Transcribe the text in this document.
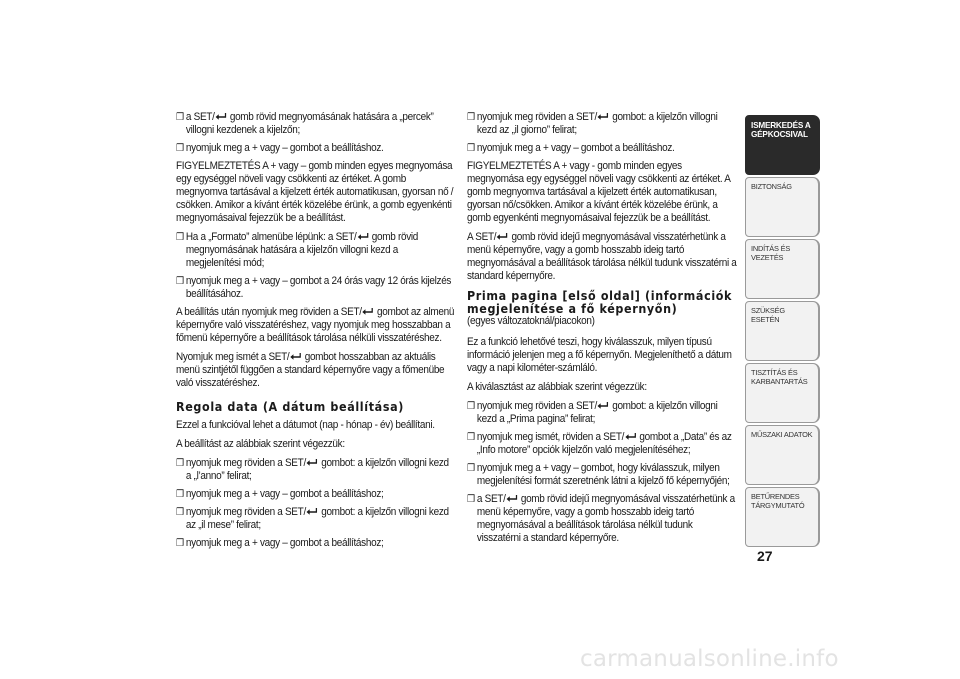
❒ a SET/ gomb rövid megnyomásának hatására a „percek” villogni kezdenek a kijelzőn;
❒ nyomjuk meg a + vagy – gombot a beállításhoz.
FIGYELMEZTETÉS A + vagy – gomb minden egyes megnyomása egy egységgel növeli vagy csökkenti az értéket. A gomb megnyomva tartásával a kijelzett érték automatikusan, gyorsan nő / csökken. Amikor a kívánt érték közelébe érünk, a gomb egyenkénti megnyomásaival fejezzük be a beállítást.
❒ Ha a „Formato” almenübe lépünk: a SET/ gomb rövid megnyomásának hatására a kijelzőn villogni kezd a megjelenítési mód;
❒ nyomjuk meg a + vagy – gombot a 24 órás vagy 12 órás kijelzés beállításához.
A beállítás után nyomjuk meg röviden a SET/ gombot az almenü képernyőre való visszatéréshez, vagy nyomjuk meg hosszabban a főmenü képernyőre a beállítások tárolása nélküli visszatéréshez.
Nyomjuk meg ismét a SET/ gombot hosszabban az aktuális menü szintjétől függően a standard képernyőre vagy a főmenübe való visszatéréshez.
Regola data (A dátum beállítása)
Ezzel a funkcióval lehet a dátumot (nap - hónap - év) beállítani.
A beállítást az alábbiak szerint végezzük:
❒ nyomjuk meg röviden a SET/ gombot: a kijelzőn villogni kezd a „l’anno” felirat;
❒ nyomjuk meg a + vagy – gombot a beállításhoz;
❒ nyomjuk meg röviden a SET/ gombot: a kijelzőn villogni kezd az „il mese” felirat;
❒ nyomjuk meg a + vagy – gombot a beállításhoz;
❒ nyomjuk meg röviden a SET/ gombot: a kijelzőn villogni kezd az „il giorno” felirat;
❒ nyomjuk meg a + vagy – gombot a beállításhoz.
FIGYELMEZTETÉS A + vagy - gomb minden egyes megnyomása egy egységgel növeli vagy csökkenti az értéket. A gomb megnyomva tartásával a kijelzett érték automatikusan, gyorsan nő/csökken. Amikor a kívánt érték közelébe érünk, a gomb egyenkénti megnyomásaival fejezzük be a beállítást.
A SET/ gomb rövid idejű megnyomásával visszatérhetünk a menü képernyőre, vagy a gomb hosszabb ideig tartó megnyomásával a beállítások tárolása nélkül tudunk visszatérni a standard képernyőre.
Prima pagina [első oldal] (információk megjelenítése a fő képernyőn)
(egyes változatoknál/piacokon)
Ez a funkció lehetővé teszi, hogy kiválasszuk, milyen típusú információ jelenjen meg a fő képernyőn. Megjeleníthető a dátum vagy a napi kilométer-számláló.
A kiválasztást az alábbiak szerint végezzük:
❒ nyomjuk meg röviden a SET/ gombot: a kijelzőn villogni kezd a „Prima pagina” felirat;
❒ nyomjuk meg ismét, röviden a SET/ gombot a „Data” és az „Info motore” opciók kijelzőn való megjelenítéséhez;
❒ nyomjuk meg a + vagy – gombot, hogy kiválasszuk, milyen megjelenítési formát szeretnénk látni a kijelző fő képernyőjén;
❒ a SET/ gomb rövid idejű megnyomásával visszatérhetünk a menü képernyőre, vagy a gomb hosszabb ideig tartó megnyomásával a beállítások tárolása nélkül tudunk visszatérni a standard képernyőre.
ISMERKEDÉS A
GÉPKOCSIVAL
BIZTONSÁG
INDÍTÁS ÉS VEZETÉS
SZÜKSÉG ESETÉN
TISZTÍTÁS ÉS
KARBANTARTÁS
MŰSZAKI ADATOK
BETŰRENDES
TÁRGYMUTATÓ
27
carmanualsonline.info
